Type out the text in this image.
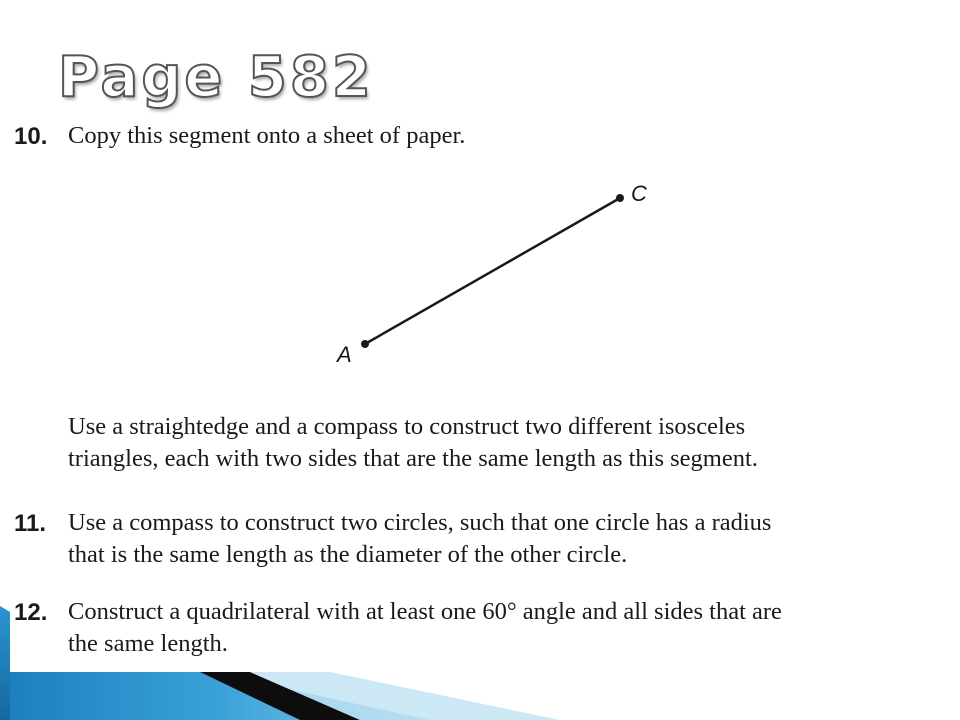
Page 582
10. Copy this segment onto a sheet of paper.

A
C

Use a straightedge and a compass to construct two different isosceles

triangles, each with two sides that are the same length as this segment.

11. Use a compass to construct two circles, such that one circle has a radius

that is the same length as the diameter of the other circle.

12. Construct a quadrilateral with at least one 60° angle and all sides that are

the same length.
